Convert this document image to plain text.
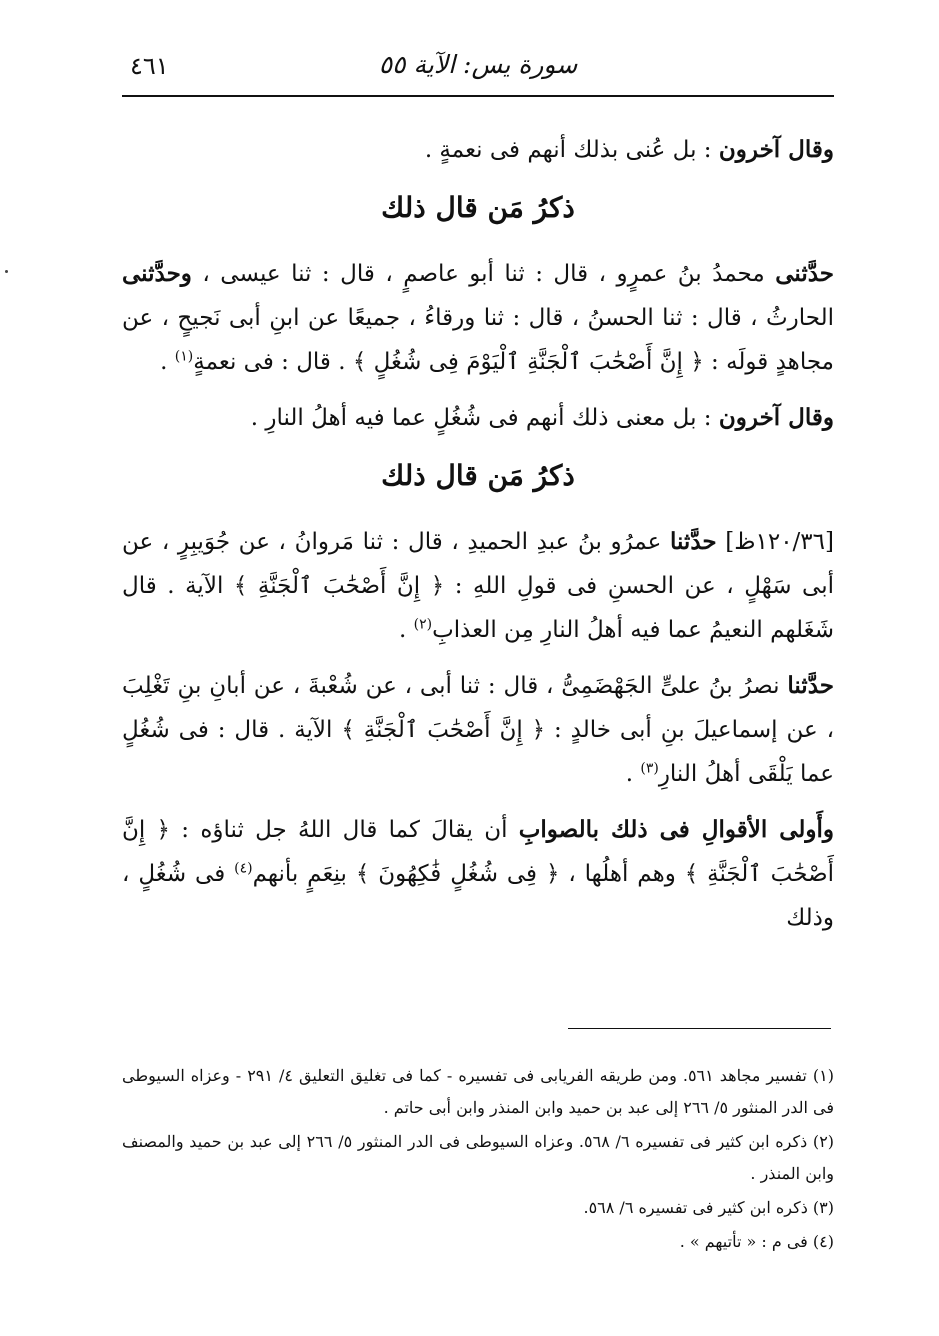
٤٦١	سورة يس: الآية ٥٥

وقال آخرون : بل عُنى بذلك أنهم فى نعمةٍ .

ذكرُ مَن قال ذلك

حدَّثنى محمدُ بنُ عمرٍو ، قال : ثنا أبو عاصمٍ ، قال : ثنا عيسى ، وحدَّثنى الحارثُ ، قال : ثنا الحسنُ ، قال : ثنا ورقاءُ ، جميعًا عن ابنِ أبى نَجيحٍ ، عن مجاهدٍ قولَه : ﴿ إِنَّ أَصْحَٰبَ ٱلْجَنَّةِ ٱلْيَوْمَ فِى شُغُلٍ ﴾ . قال : فى نعمةٍ$^{(١)}$ .

وقال آخرون : بل معنى ذلك أنهم فى شُغُلٍ عما فيه أهلُ النارِ .

ذكرُ مَن قال ذلك

[١٢٠/٣٦ظ] حدَّثنا عمرُو بنُ عبدِ الحميدِ ، قال : ثنا مَروانُ ، عن جُوَيبِرٍ ، عن أبى سَهْلٍ ، عن الحسنِ فى قولِ اللهِ : ﴿ إِنَّ أَصْحَٰبَ ٱلْجَنَّةِ ﴾ الآية . قال شَغَلهم النعيمُ عما فيه أهلُ النارِ مِن العذابِ$^{(٢)}$ .

حدَّثنا نصرُ بنُ علىٍّ الجَهْضَمِىُّ ، قال : ثنا أبى ، عن شُعْبةَ ، عن أبانِ بنِ تَغْلِبَ ، عن إسماعيلَ بنِ أبى خالدٍ : ﴿ إِنَّ أَصْحَٰبَ ٱلْجَنَّةِ ﴾ الآية . قال : فى شُغُلٍ عما يَلْقَى أهلُ النارِ$^{(٣)}$ .

وأَولى الأقوالِ فى ذلك بالصوابِ أن يقالَ كما قال اللهُ جل ثناؤه : ﴿ إِنَّ أَصْحَٰبَ ٱلْجَنَّةِ ﴾ وهم أهلُها ، ﴿ فِى شُغُلٍ فَٰكِهُونَ ﴾ بنِعَمٍ بأنهم$^{(٤)}$ فى شُغُلٍ ، وذلك

(١) تفسير مجاهد ٥٦١. ومن طريقه الفريابى فى تفسيره - كما فى تغليق التعليق ٤/ ٢٩١ - وعزاه السيوطى فى الدر المنثور ٥/ ٢٦٦ إلى عبد بن حميد وابن المنذر وابن أبى حاتم .

(٢) ذكره ابن كثير فى تفسيره ٦/ ٥٦٨. وعزاه السيوطى فى الدر المنثور ٥/ ٢٦٦ إلى عبد بن حميد والمصنف وابن المنذر .

(٣) ذكره ابن كثير فى تفسيره ٦/ ٥٦٨.

(٤) فى م : « تأتيهم » .
